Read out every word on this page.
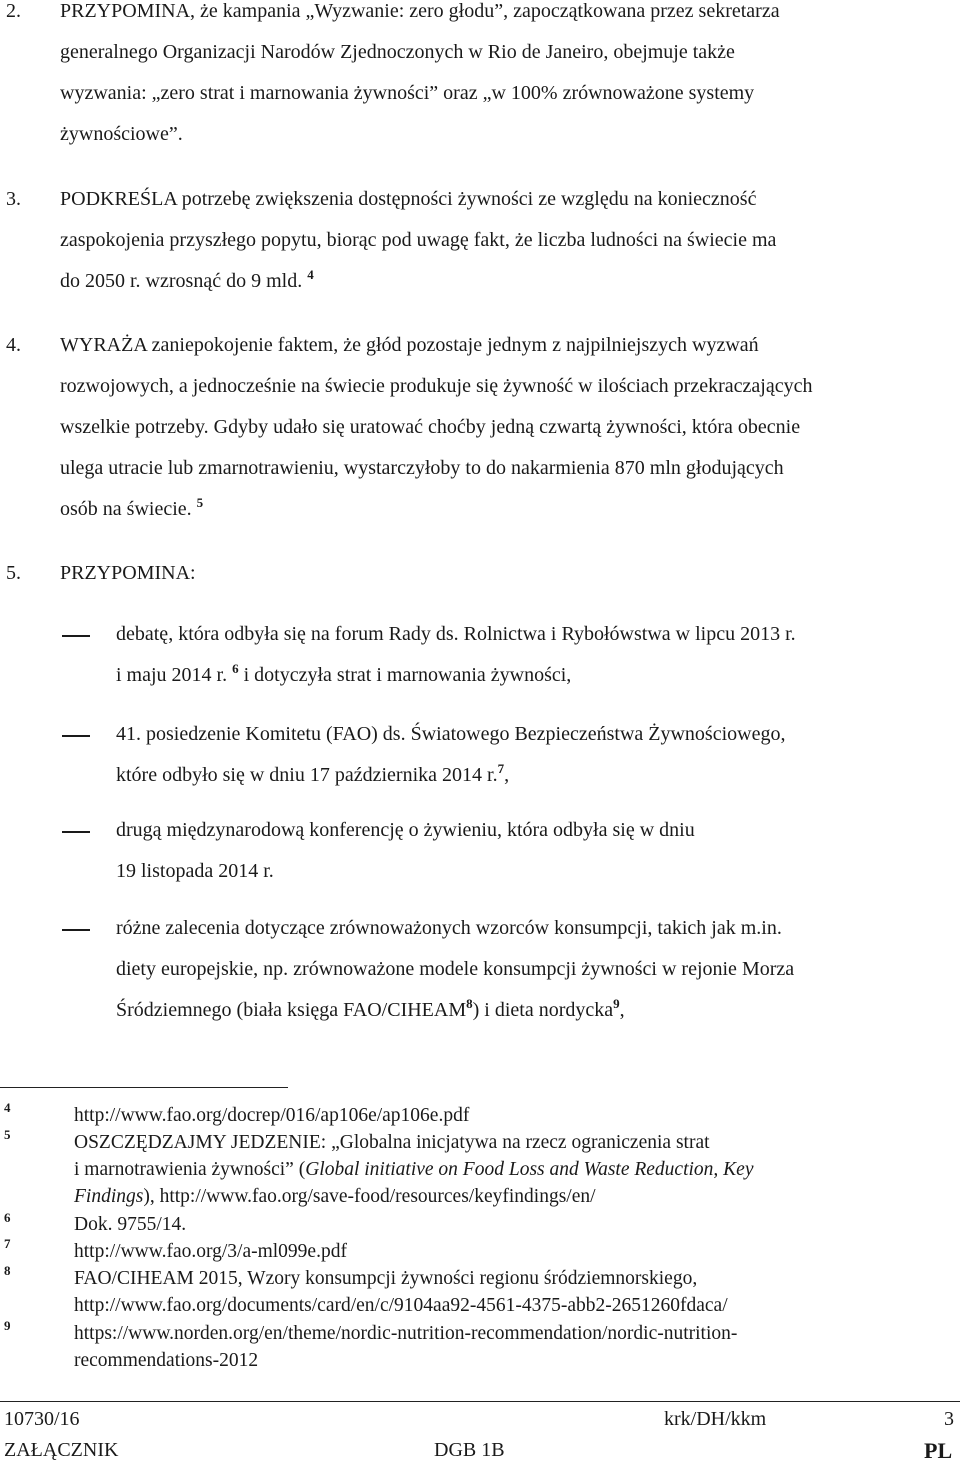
2. PRZYPOMINA, że kampania „Wyzwanie: zero głodu”, zapoczątkowana przez sekretarza
generalnego Organizacji Narodów Zjednoczonych w Rio de Janeiro, obejmuje także
wyzwania: „zero strat i marnowania żywności” oraz „w 100% zrównoważone systemy
żywnościowe”.
3. PODKREŚLA potrzebę zwiększenia dostępności żywności ze względu na konieczność
zaspokojenia przyszłego popytu, biorąc pod uwagę fakt, że liczba ludności na świecie ma
do 2050 r. wzrosnąć do 9 mld. $^4$
4. WYRAŻA zaniepokojenie faktem, że głód pozostaje jednym z najpilniejszych wyzwań
rozwojowych, a jednocześnie na świecie produkuje się żywność w ilościach przekraczających
wszelkie potrzeby. Gdyby udało się uratować choćby jedną czwartą żywności, która obecnie
ulega utracie lub zmarnotrawieniu, wystarczyłoby to do nakarmienia 870 mln głodujących
osób na świecie. $^5$
5. PRZYPOMINA:
debatę, która odbyła się na forum Rady ds. Rolnictwa i Rybołówstwa w lipcu 2013 r.
i maju 2014 r. $^6$ i dotyczyła strat i marnowania żywności,
41. posiedzenie Komitetu (FAO) ds. Światowego Bezpieczeństwa Żywnościowego,
które odbyło się w dniu 17 października 2014 r.$^7$,
drugą międzynarodową konferencję o żywieniu, która odbyła się w dniu
19 listopada 2014 r.
różne zalecenia dotyczące zrównoważonych wzorców konsumpcji, takich jak m.in.
diety europejskie, np. zrównoważone modele konsumpcji żywności w rejonie Morza
Śródziemnego (biała księga FAO/CIHEAM$^8$) i dieta nordycka$^9$,
4	http://www.fao.org/docrep/016/ap106e/ap106e.pdf
5	OSZCZĘDZAJMY JEDZENIE: „Globalna inicjatywa na rzecz ograniczenia strat
i marnotrawienia żywności” (Global initiative on Food Loss and Waste Reduction, Key
Findings), http://www.fao.org/save-food/resources/keyfindings/en/
6	Dok. 9755/14.
7	http://www.fao.org/3/a-ml099e.pdf
8	FAO/CIHEAM 2015, Wzory konsumpcji żywności regionu śródziemnorskiego,
http://www.fao.org/documents/card/en/c/9104aa92-4561-4375-abb2-2651260fdaca/
9	https://www.norden.org/en/theme/nordic-nutrition-recommendation/nordic-nutrition-
recommendations-2012
10730/16	krk/DH/kkm	3
ZAŁĄCZNIK	DGB 1B	PL
